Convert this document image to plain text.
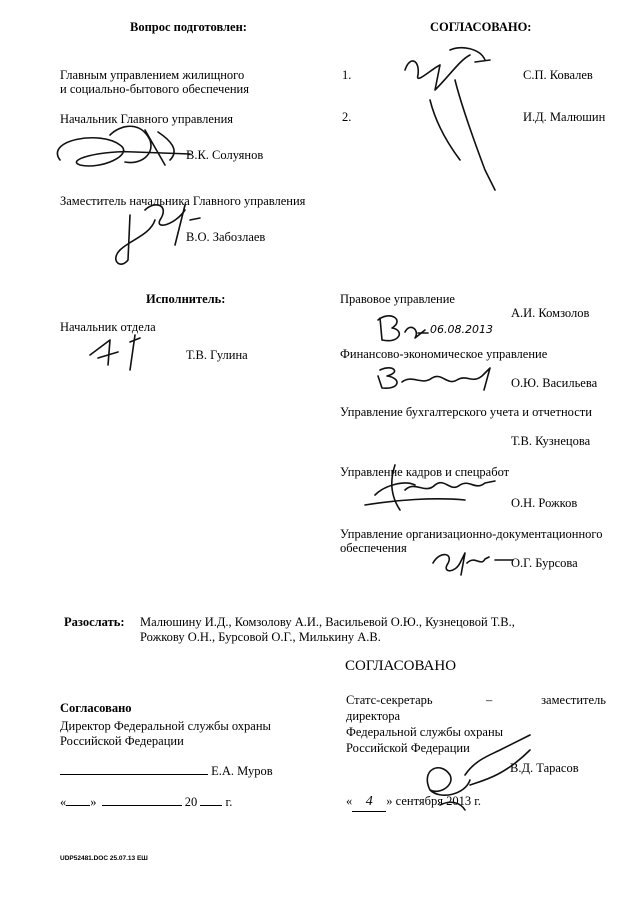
Вопрос подготовлен:
Главным управлением жилищного
и социально-бытового обеспечения
Начальник Главного управления
В.К. Солуянов
Заместитель начальника Главного управления
В.О. Забозлаев
СОГЛАСОВАНО:
1.	С.П. Ковалев
2.	И.Д. Малюшин
Исполнитель:
Начальник отдела
Т.В. Гулина
Правовое управление
А.И. Комзолов
06.08.2013
Финансово-экономическое управление
О.Ю. Васильева
Управление бухгалтерского учета и отчетности
Т.В. Кузнецова
Управление кадров и спецработ
О.Н. Рожков
Управление организационно-документационного
обеспечения
О.Г. Бурсова
Разослать: Малюшину И.Д., Комзолову А.И., Васильевой О.Ю., Кузнецовой Т.В.,
Рожкову О.Н., Бурсовой О.Г., Милькину А.В.
Согласовано
Директор Федеральной службы охраны
Российской Федерации
Е.А. Муров
« »	20 г.
СОГЛАСОВАНО
Статс-секретарь	–	заместитель
директора
Федеральной службы охраны
Российской Федерации
В.Д. Тарасов
« 4 » сентября 2013 г.
UDP52481.DOC 25.07.13 ЕШ
